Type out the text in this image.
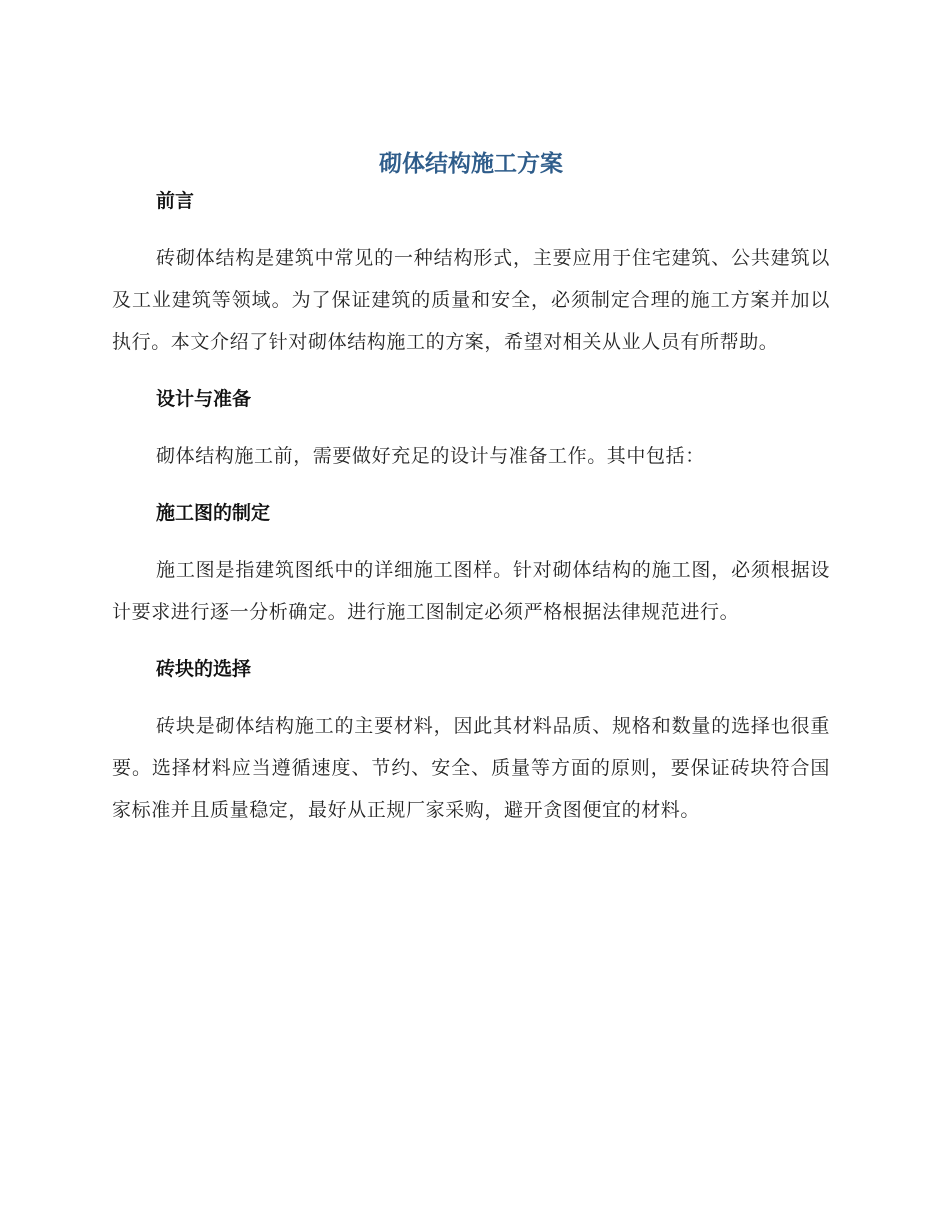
砌体结构施工方案
前言

砖砌体结构是建筑中常见的一种结构形式，主要应用于住宅建筑、公共建筑以及工业建筑等领域。为了保证建筑的质量和安全，必须制定合理的施工方案并加以执行。本文介绍了针对砌体结构施工的方案，希望对相关从业人员有所帮助。

设计与准备

砌体结构施工前，需要做好充足的设计与准备工作。其中包括：

施工图的制定

施工图是指建筑图纸中的详细施工图样。针对砌体结构的施工图，必须根据设计要求进行逐一分析确定。进行施工图制定必须严格根据法律规范进行。

砖块的选择

砖块是砌体结构施工的主要材料，因此其材料品质、规格和数量的选择也很重要。选择材料应当遵循速度、节约、安全、质量等方面的原则，要保证砖块符合国家标准并且质量稳定，最好从正规厂家采购，避开贪图便宜的材料。
